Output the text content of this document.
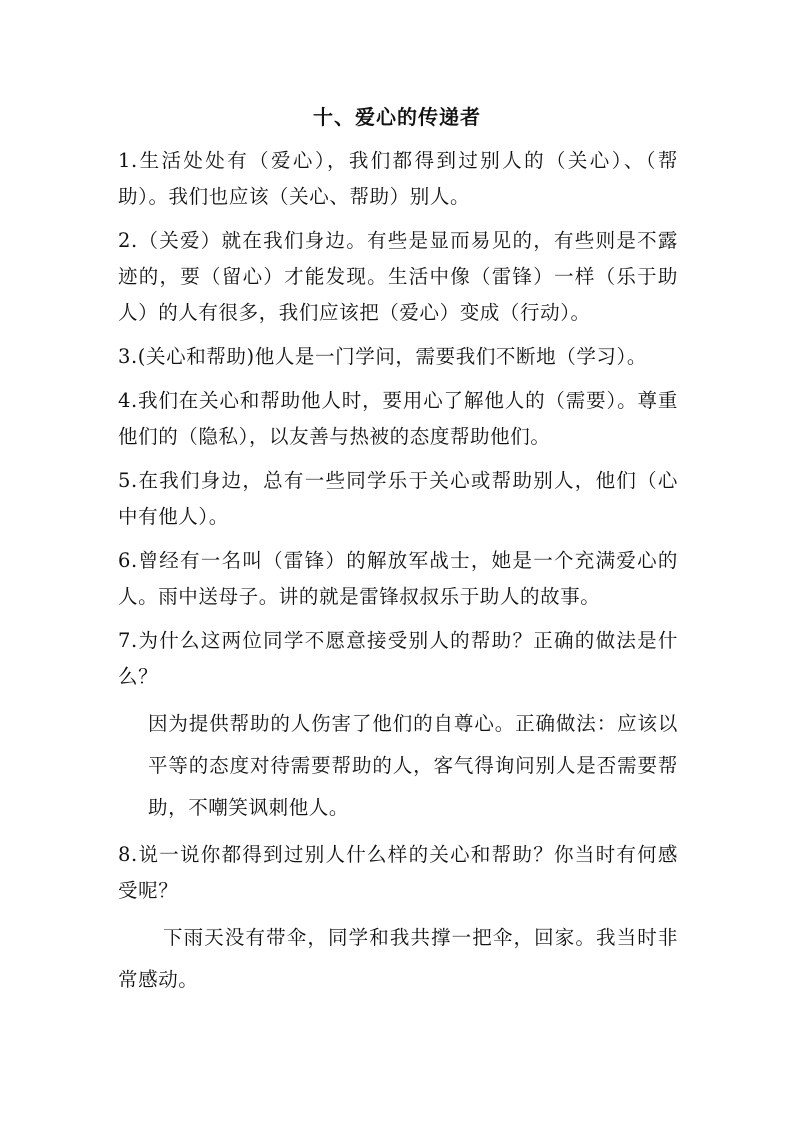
十、爱心的传递者

1.生活处处有（爱心），我们都得到过别人的（关心）、（帮助）。我们也应该（关心、帮助）别人。

2.（关爱）就在我们身边。有些是显而易见的，有些则是不露迹的，要（留心）才能发现。生活中像（雷锋）一样（乐于助人）的人有很多，我们应该把（爱心）变成（行动）。

3.(关心和帮助)他人是一门学问，需要我们不断地（学习）。

4.我们在关心和帮助他人时，要用心了解他人的（需要）。尊重他们的（隐私），以友善与热被的态度帮助他们。

5.在我们身边，总有一些同学乐于关心或帮助别人，他们（心中有他人）。

6.曾经有一名叫（雷锋）的解放军战士，她是一个充满爱心的人。雨中送母子。讲的就是雷锋叔叔乐于助人的故事。

7.为什么这两位同学不愿意接受别人的帮助？正确的做法是什么？

因为提供帮助的人伤害了他们的自尊心。正确做法：应该以平等的态度对待需要帮助的人，客气得询问别人是否需要帮助，不嘲笑讽刺他人。

8.说一说你都得到过别人什么样的关心和帮助？你当时有何感受呢？

下雨天没有带伞，同学和我共撑一把伞，回家。我当时非常感动。
